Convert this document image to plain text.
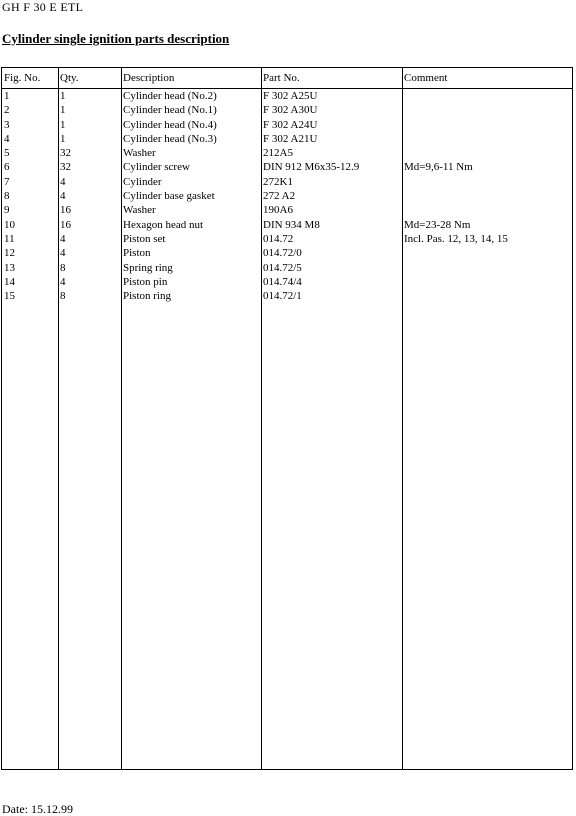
GH F 30 E ETL
Cylinder single ignition parts description
Fig. No.	Qty.	Description	Part No.	Comment
1	1	Cylinder head (No.2)	F 302 A25U
2	1	Cylinder head (No.1)	F 302 A30U
3	1	Cylinder head (No.4)	F 302 A24U
4	1	Cylinder head (No.3)	F 302 A21U
5	32	Washer	212A5
6	32	Cylinder screw	DIN 912 M6x35-12.9	Md=9,6-11 Nm
7	4	Cylinder	272K1
8	4	Cylinder base gasket	272 A2
9	16	Washer	190A6
10	16	Hexagon head nut	DIN 934 M8	Md=23-28 Nm
11	4	Piston set	014.72	Incl. Pas. 12, 13, 14, 15
12	4	Piston	014.72/0
13	8	Spring ring	014.72/5
14	4	Piston pin	014.74/4
15	8	Piston ring	014.72/1
Date: 15.12.99
